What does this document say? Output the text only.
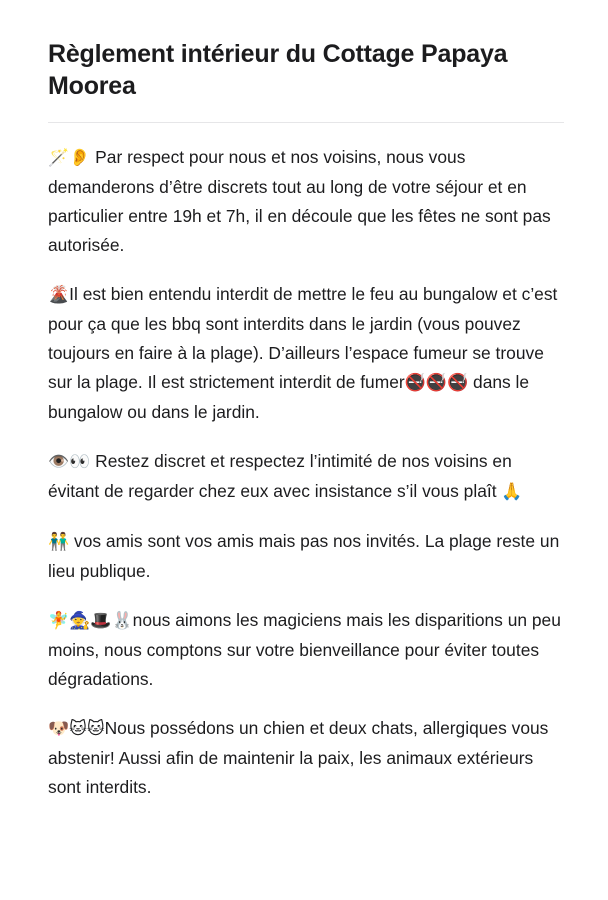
Règlement intérieur du Cottage Papaya Moorea

🪄👂 Par respect pour nous et nos voisins, nous vous demanderons d’être discrets tout au long de votre séjour et en particulier entre 19h et 7h, il en découle que les fêtes ne sont pas autorisée.

🌋Il est bien entendu interdit de mettre le feu au bungalow et c’est pour ça que les bbq sont interdits dans le jardin (vous pouvez toujours en faire à la plage). D’ailleurs l’espace fumeur se trouve sur la plage. Il est strictement interdit de fumer🚭🚭🚭 dans le bungalow ou dans le jardin.

👁️👀 Restez discret et respectez l’intimité de nos voisins en évitant de regarder chez eux avec insistance s’il vous plaît 🙏

👬 vos amis sont vos amis mais pas nos invités. La plage reste un lieu publique.

🧚🧙🎩🐰nous aimons les magiciens mais les disparitions un peu moins, nous comptons sur votre bienveillance pour éviter toutes dégradations.

🐶🐱🐱Nous possédons un chien et deux chats, allergiques vous abstenir! Aussi afin de maintenir la paix, les animaux extérieurs sont interdits.
